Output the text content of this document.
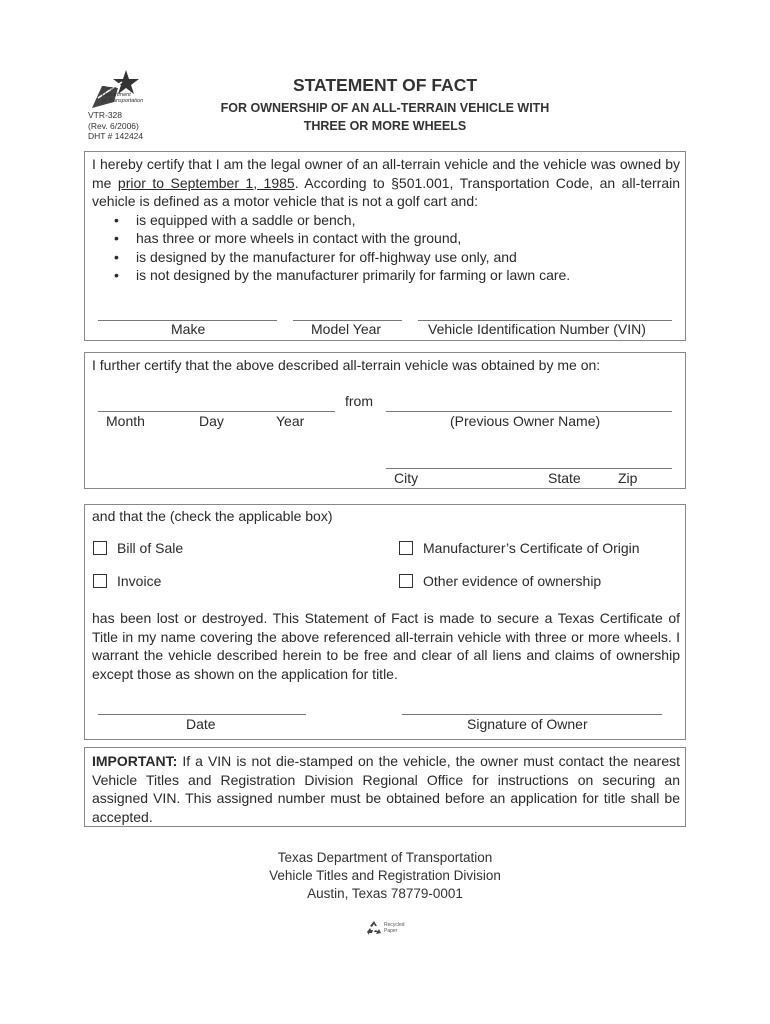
Texas
Department
of Transportation
VTR-328
(Rev. 6/2006)
DHT # 142424
STATEMENT OF FACT
FOR OWNERSHIP OF AN ALL-TERRAIN VEHICLE WITH
THREE OR MORE WHEELS
I hereby certify that I am the legal owner of an all-terrain vehicle and the vehicle was owned by me prior to September 1, 1985. According to §501.001, Transportation Code, an all-terrain vehicle is defined as a motor vehicle that is not a golf cart and:
• is equipped with a saddle or bench,
• has three or more wheels in contact with the ground,
• is designed by the manufacturer for off-highway use only, and
• is not designed by the manufacturer primarily for farming or lawn care.
Make	Model Year	Vehicle Identification Number (VIN)
I further certify that the above described all-terrain vehicle was obtained by me on:
from
Month	Day	Year	(Previous Owner Name)
City	State	Zip
and that the (check the applicable box)
Bill of Sale	Manufacturer’s Certificate of Origin
Invoice	Other evidence of ownership
has been lost or destroyed. This Statement of Fact is made to secure a Texas Certificate of Title in my name covering the above referenced all-terrain vehicle with three or more wheels. I warrant the vehicle described herein to be free and clear of all liens and claims of ownership except those as shown on the application for title.
Date	Signature of Owner
IMPORTANT: If a VIN is not die-stamped on the vehicle, the owner must contact the nearest Vehicle Titles and Registration Division Regional Office for instructions on securing an assigned VIN. This assigned number must be obtained before an application for title shall be accepted.
Texas Department of Transportation
Vehicle Titles and Registration Division
Austin, Texas 78779-0001
Recycled
Paper
